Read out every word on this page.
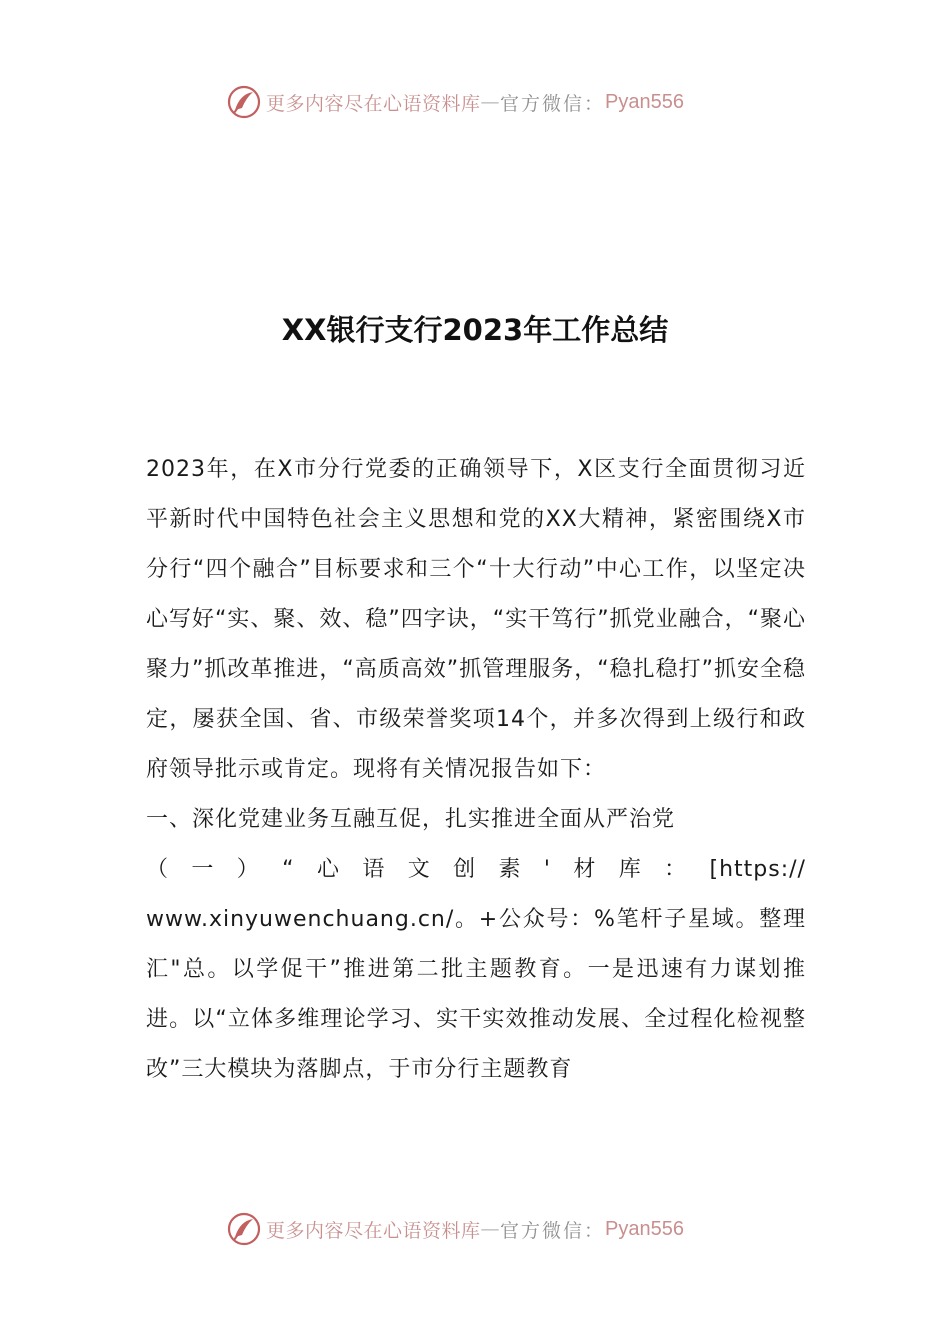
更多内容尽在心语资料库 — 官方微信： Pyan556
XX银行支行2023年工作总结

2023年，在X市分行党委的正确领导下，X区支行全面贯彻习近平新时代中国特色社会主义思想和党的XX大精神，紧密围绕X市分行“四个融合”目标要求和三个“十大行动”中心工作，以坚定决心写好“实、聚、效、稳”四字诀，“实干笃行”抓党业融合，“聚心聚力”抓改革推进，“高质高效”抓管理服务，“稳扎稳打”抓安全稳定，屡获全国、省、市级荣誉奖项14个，并多次得到上级行和政府领导批示或肯定。现将有关情况报告如下：

一、深化党建业务互融互促，扎实推进全面从严治党

（ 一 ） “ 心 语 文 创 素 ' 材 库 ： [https://

www.xinyuwenchuang.cn/。+公众号：%笔杆子星域。整理汇"总。以学促干”推进第二批主题教育。一是迅速有力谋划推进。以“立体多维理论学习、实干实效推动发展、全过程化检视整改”三大模块为落脚点，于市分行主题教育

更多内容尽在心语资料库 — 官方微信： Pyan556
